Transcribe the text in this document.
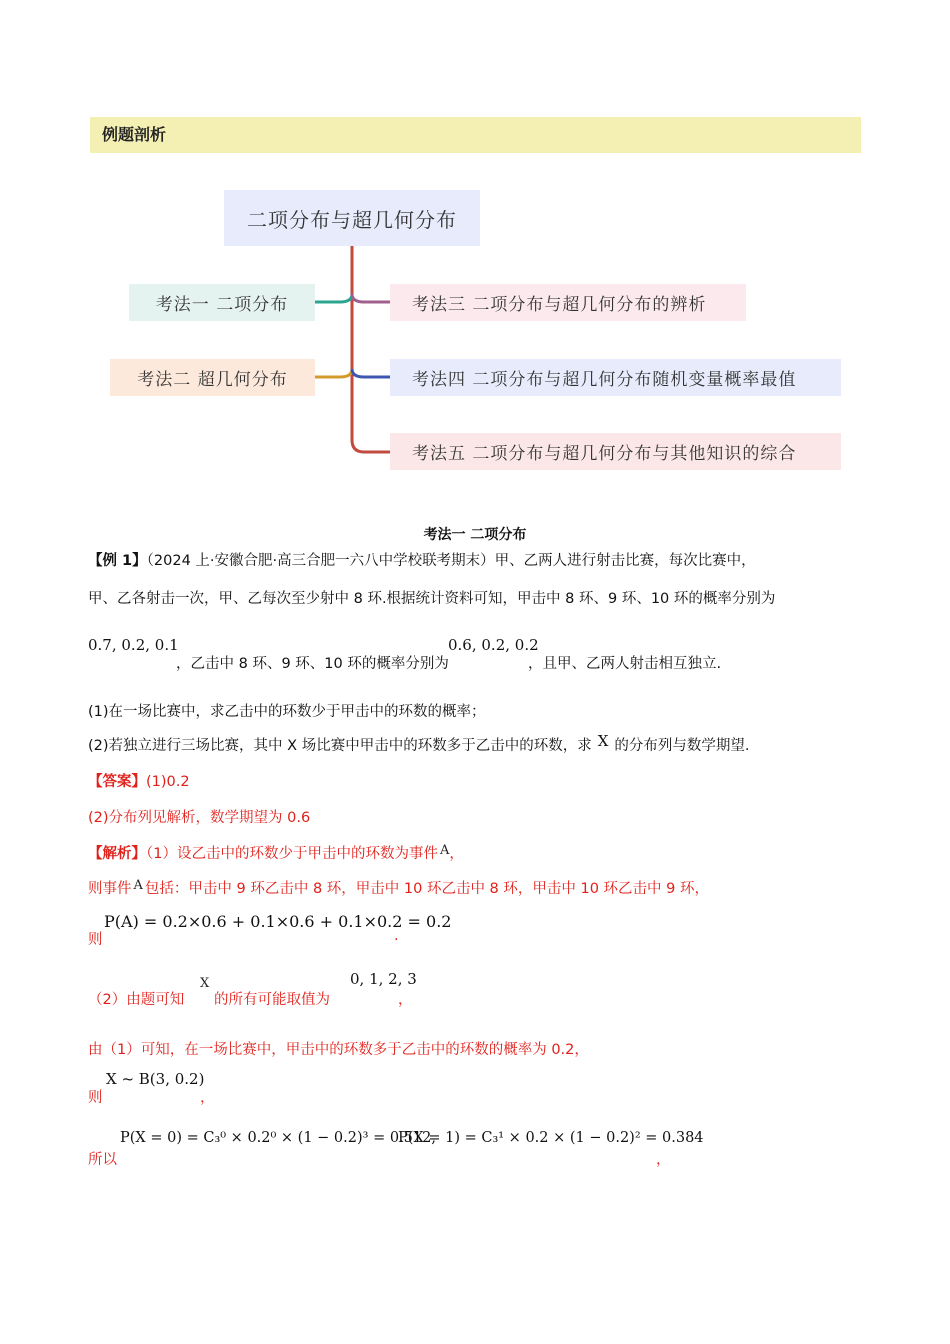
例题剖析
二项分布与超几何分布
考法一 二项分布
考法二 超几何分布
考法三 二项分布与超几何分布的辨析
考法四 二项分布与超几何分布随机变量概率最值
考法五 二项分布与超几何分布与其他知识的综合
考法一 二项分布
【例 1】（2024 上·安徽合肥·高三合肥一六八中学校联考期末）甲、乙两人进行射击比赛，每次比赛中，
甲、乙各射击一次，甲、乙每次至少射中 8 环.根据统计资料可知，甲击中 8 环、9 环、10 环的概率分别为
0.7, 0.2, 0.1
，乙击中 8 环、9 环、10 环的概率分别为
0.6, 0.2, 0.2
，且甲、乙两人射击相互独立.
(1)在一场比赛中，求乙击中的环数少于甲击中的环数的概率；
(2)若独立进行三场比赛，其中 X 场比赛中甲击中的环数多于乙击中的环数，求 X 的分布列与数学期望.
【答案】(1)0.2
(2)分布列见解析，数学期望为 0.6
【解析】（1）设乙击中的环数少于甲击中的环数为事件 A，
则事件 A 包括：甲击中 9 环乙击中 8 环，甲击中 10 环乙击中 8 环，甲击中 10 环乙击中 9 环，
则
P(A) = 0.2×0.6 + 0.1×0.6 + 0.1×0.2 = 0.2
.
（2）由题可知
X
的所有可能取值为
0, 1, 2, 3
，
由（1）可知，在一场比赛中，甲击中的环数多于乙击中的环数的概率为 0.2，
则
X ~ B(3, 0.2)
，
所以
P(X = 0) = C₃⁰ × 0.2⁰ × (1 − 0.2)³ = 0.512,
P(X = 1) = C₃¹ × 0.2 × (1 − 0.2)² = 0.384
，
